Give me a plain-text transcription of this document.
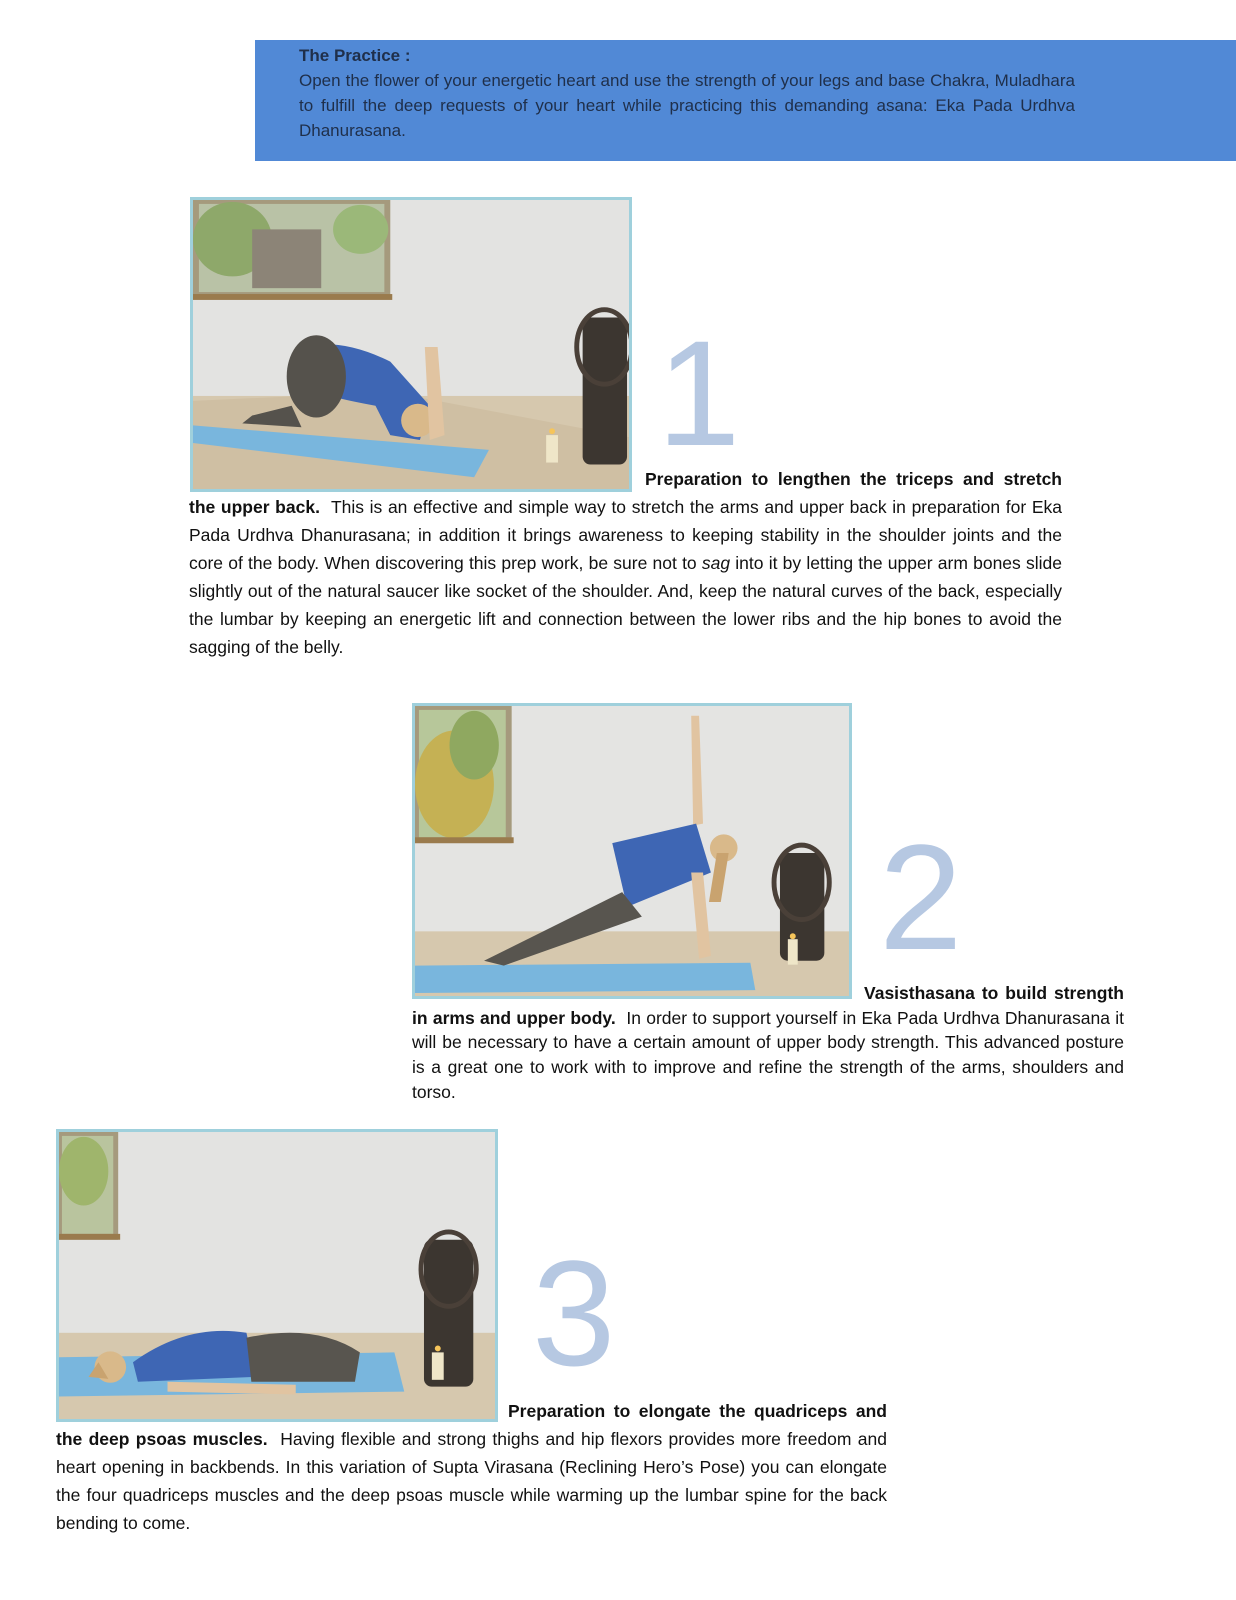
The Practice :
Open the flower of your energetic heart and use the strength of your legs and base Chakra, Muladhara to fulfill the deep requests of your heart while practicing this demanding asana: Eka Pada Urdhva Dhanurasana.
1
Preparation to lengthen the triceps and stretch
the upper back. This is an effective and simple way to stretch the arms and upper back in preparation for Eka Pada Urdhva Dhanurasana; in addition it brings awareness to keeping stability in the shoulder joints and the core of the body. When discovering this prep work, be sure not to sag into it by letting the upper arm bones slide slightly out of the natural saucer like socket of the shoulder. And, keep the natural curves of the back, especially the lumbar by keeping an energetic lift and connection between the lower ribs and the hip bones to avoid the sagging of the belly.
2
Vasisthasana to build strength
in arms and upper body. In order to support yourself in Eka Pada Urdhva Dhanurasana it will be necessary to have a certain amount of upper body strength. This advanced posture is a great one to work with to improve and refine the strength of the arms, shoulders and torso.
3
Preparation to elongate the quadriceps and
the deep psoas muscles. Having flexible and strong thighs and hip flexors provides more freedom and heart opening in backbends. In this variation of Supta Virasana (Reclining Hero’s Pose) you can elongate the four quadriceps muscles and the deep psoas muscle while warming up the lumbar spine for the back bending to come.
